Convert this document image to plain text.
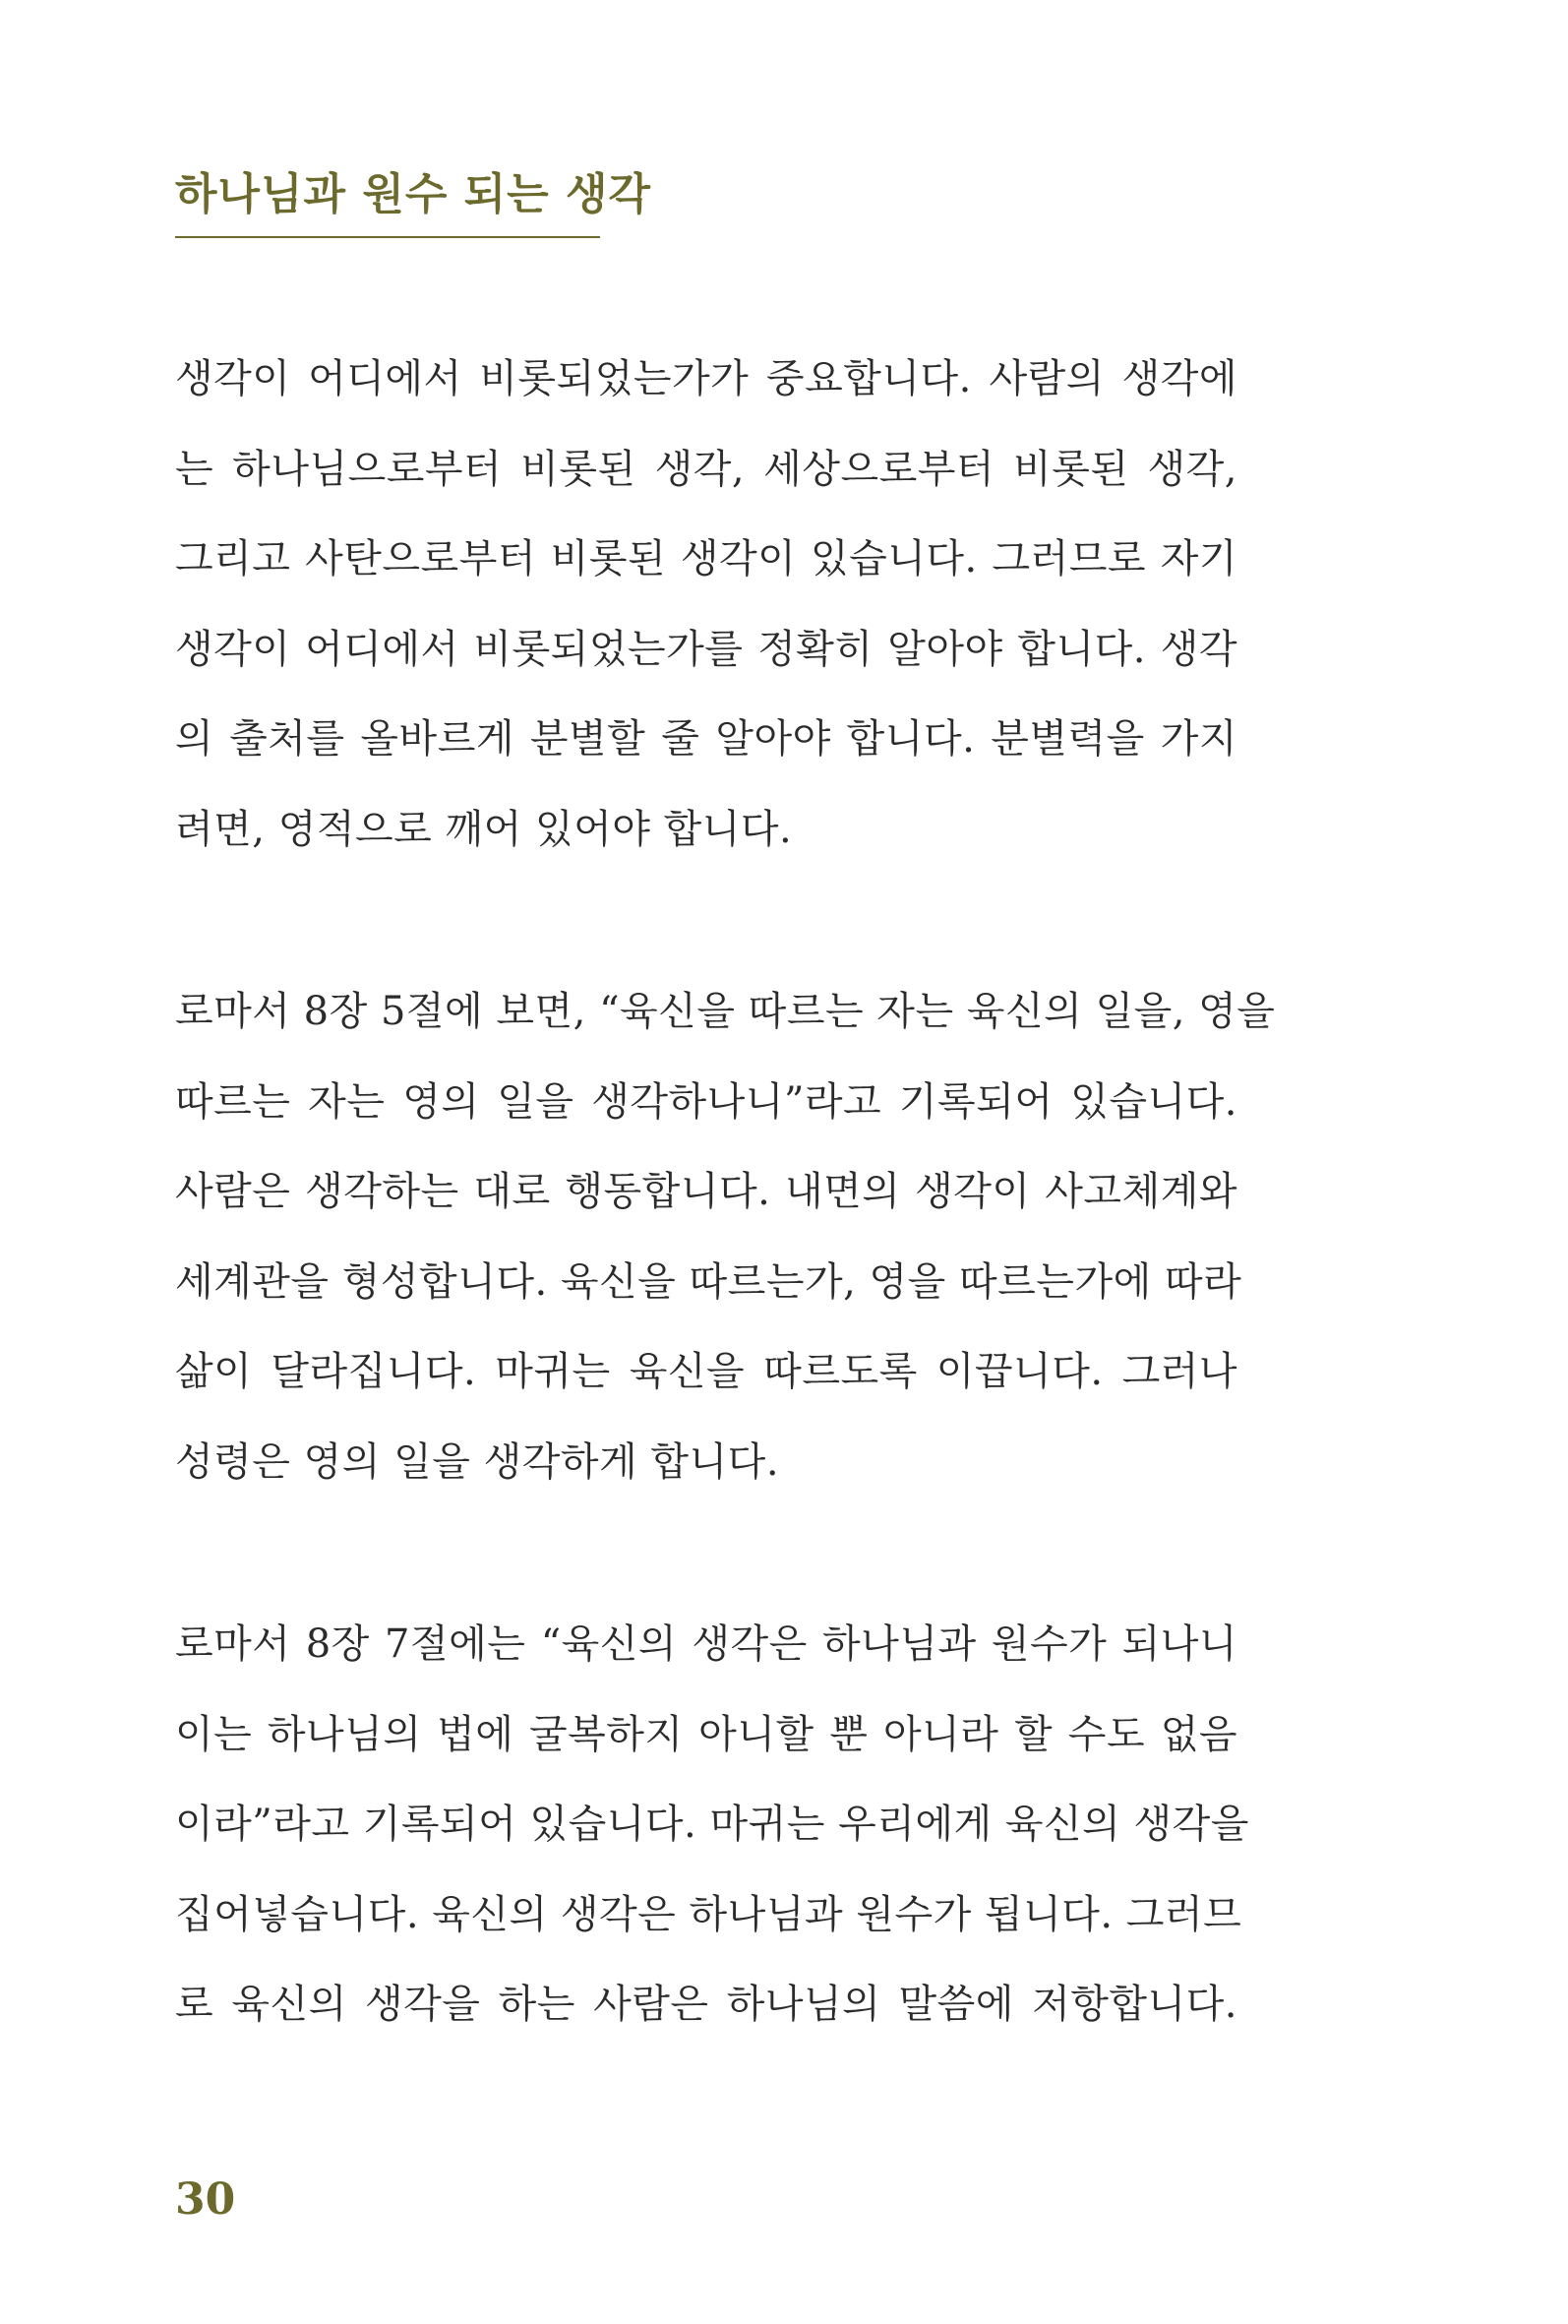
하나님과 원수 되는 생각
생각이 어디에서 비롯되었는가가 중요합니다. 사람의 생각에
는 하나님으로부터 비롯된 생각, 세상으로부터 비롯된 생각,
그리고 사탄으로부터 비롯된 생각이 있습니다. 그러므로 자기
생각이 어디에서 비롯되었는가를 정확히 알아야 합니다. 생각
의 출처를 올바르게 분별할 줄 알아야 합니다. 분별력을 가지
려면, 영적으로 깨어 있어야 합니다.
로마서 8장 5절에 보면, “육신을 따르는 자는 육신의 일을, 영을
따르는 자는 영의 일을 생각하나니”라고 기록되어 있습니다.
사람은 생각하는 대로 행동합니다. 내면의 생각이 사고체계와
세계관을 형성합니다. 육신을 따르는가, 영을 따르는가에 따라
삶이 달라집니다. 마귀는 육신을 따르도록 이끕니다. 그러나
성령은 영의 일을 생각하게 합니다.
로마서 8장 7절에는 “육신의 생각은 하나님과 원수가 되나니
이는 하나님의 법에 굴복하지 아니할 뿐 아니라 할 수도 없음
이라”라고 기록되어 있습니다. 마귀는 우리에게 육신의 생각을
집어넣습니다. 육신의 생각은 하나님과 원수가 됩니다. 그러므
로 육신의 생각을 하는 사람은 하나님의 말씀에 저항합니다.
30
